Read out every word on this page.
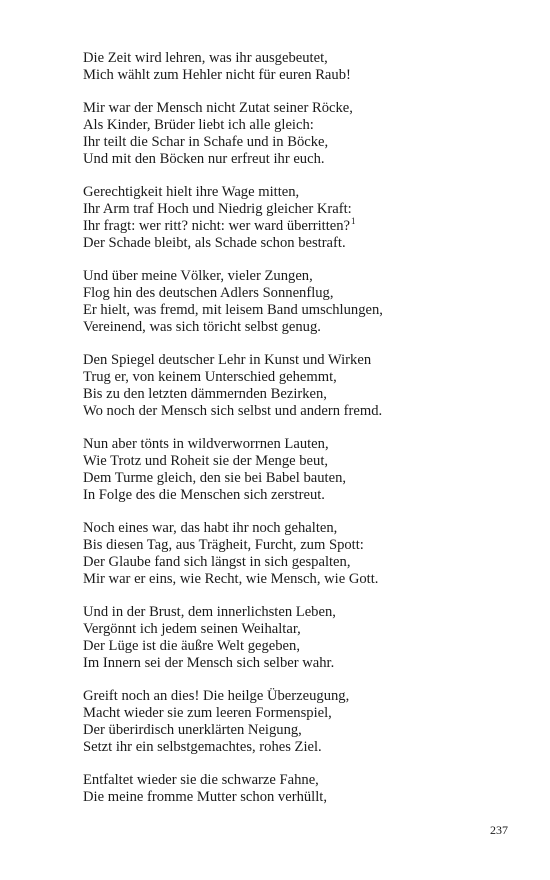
Die Zeit wird lehren, was ihr ausgebeutet,
Mich wählt zum Hehler nicht für euren Raub!
Mir war der Mensch nicht Zutat seiner Röcke,
Als Kinder, Brüder liebt ich alle gleich:
Ihr teilt die Schar in Schafe und in Böcke,
Und mit den Böcken nur erfreut ihr euch.
Gerechtigkeit hielt ihre Wage mitten,
Ihr Arm traf Hoch und Niedrig gleicher Kraft:
Ihr fragt: wer ritt? nicht: wer ward überritten?$^1$
Der Schade bleibt, als Schade schon bestraft.
Und über meine Völker, vieler Zungen,
Flog hin des deutschen Adlers Sonnenflug,
Er hielt, was fremd, mit leisem Band umschlungen,
Vereinend, was sich töricht selbst genug.
Den Spiegel deutscher Lehr in Kunst und Wirken
Trug er, von keinem Unterschied gehemmt,
Bis zu den letzten dämmernden Bezirken,
Wo noch der Mensch sich selbst und andern fremd.
Nun aber tönts in wildverworrnen Lauten,
Wie Trotz und Roheit sie der Menge beut,
Dem Turme gleich, den sie bei Babel bauten,
In Folge des die Menschen sich zerstreut.
Noch eines war, das habt ihr noch gehalten,
Bis diesen Tag, aus Trägheit, Furcht, zum Spott:
Der Glaube fand sich längst in sich gespalten,
Mir war er eins, wie Recht, wie Mensch, wie Gott.
Und in der Brust, dem innerlichsten Leben,
Vergönnt ich jedem seinen Weihaltar,
Der Lüge ist die äußre Welt gegeben,
Im Innern sei der Mensch sich selber wahr.
Greift noch an dies! Die heilge Überzeugung,
Macht wieder sie zum leeren Formenspiel,
Der überirdisch unerklärten Neigung,
Setzt ihr ein selbstgemachtes, rohes Ziel.
Entfaltet wieder sie die schwarze Fahne,
Die meine fromme Mutter schon verhüllt,
237
